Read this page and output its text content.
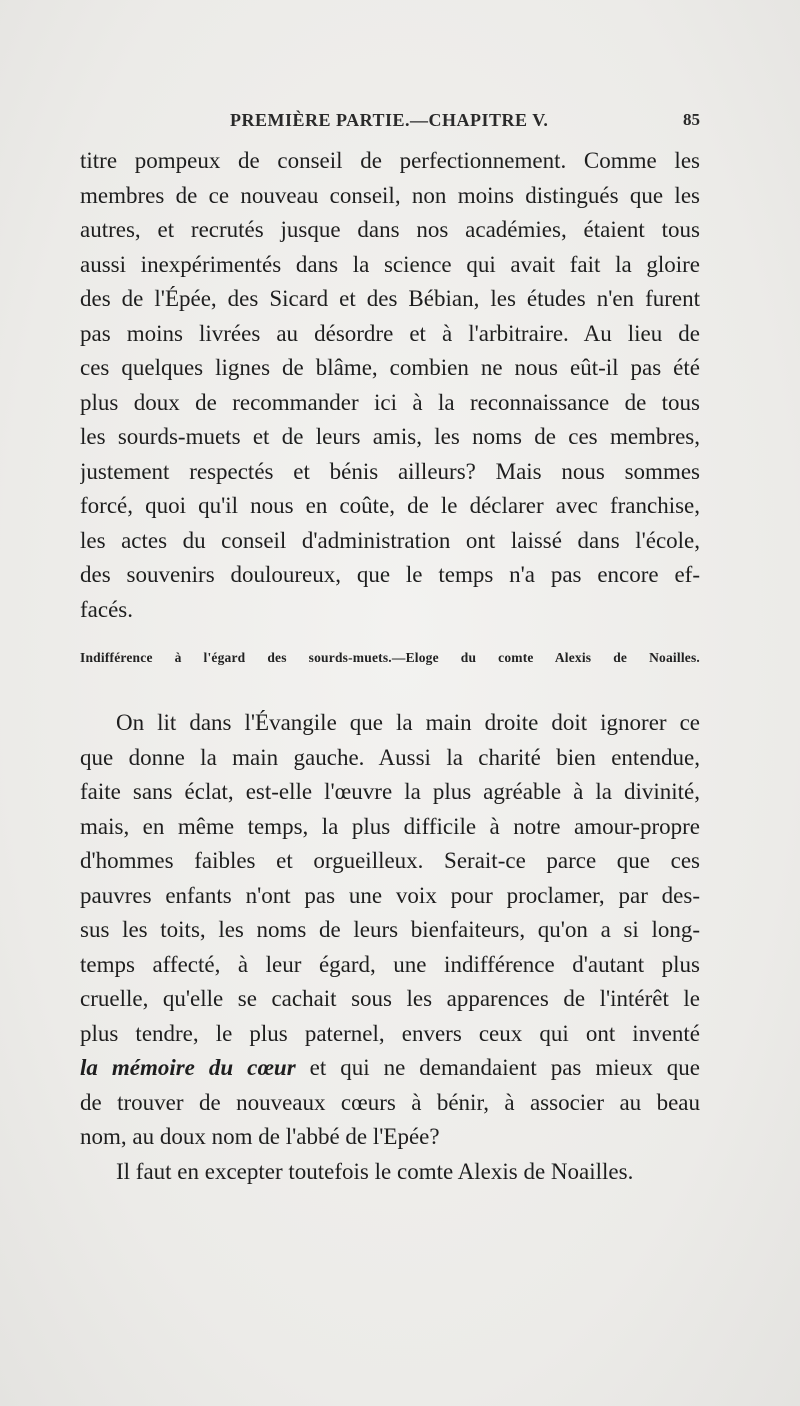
PREMIÈRE PARTIE.—CHAPITRE V.	85
titre pompeux de conseil de perfectionnement. Comme les
membres de ce nouveau conseil, non moins distingués que les
autres, et recrutés jusque dans nos académies, étaient tous
aussi inexpérimentés dans la science qui avait fait la gloire
des de l'Épée, des Sicard et des Bébian, les études n'en furent
pas moins livrées au désordre et à l'arbitraire. Au lieu de
ces quelques lignes de blâme, combien ne nous eût-il pas été
plus doux de recommander ici à la reconnaissance de tous
les sourds-muets et de leurs amis, les noms de ces membres,
justement respectés et bénis ailleurs? Mais nous sommes
forcé, quoi qu'il nous en coûte, de le déclarer avec franchise,
les actes du conseil d'administration ont laissé dans l'école,
des souvenirs douloureux, que le temps n'a pas encore ef-
facés.
Indifférence à l'égard des sourds-muets.—Eloge du comte Alexis de Noailles.
On lit dans l'Évangile que la main droite doit ignorer ce
que donne la main gauche. Aussi la charité bien entendue,
faite sans éclat, est-elle l'œuvre la plus agréable à la divinité,
mais, en même temps, la plus difficile à notre amour-propre
d'hommes faibles et orgueilleux. Serait-ce parce que ces
pauvres enfants n'ont pas une voix pour proclamer, par des-
sus les toits, les noms de leurs bienfaiteurs, qu'on a si long-
temps affecté, à leur égard, une indifférence d'autant plus
cruelle, qu'elle se cachait sous les apparences de l'intérêt le
plus tendre, le plus paternel, envers ceux qui ont inventé
la mémoire du cœur et qui ne demandaient pas mieux que
de trouver de nouveaux cœurs à bénir, à associer au beau
nom, au doux nom de l'abbé de l'Epée?
Il faut en excepter toutefois le comte Alexis de Noailles.
